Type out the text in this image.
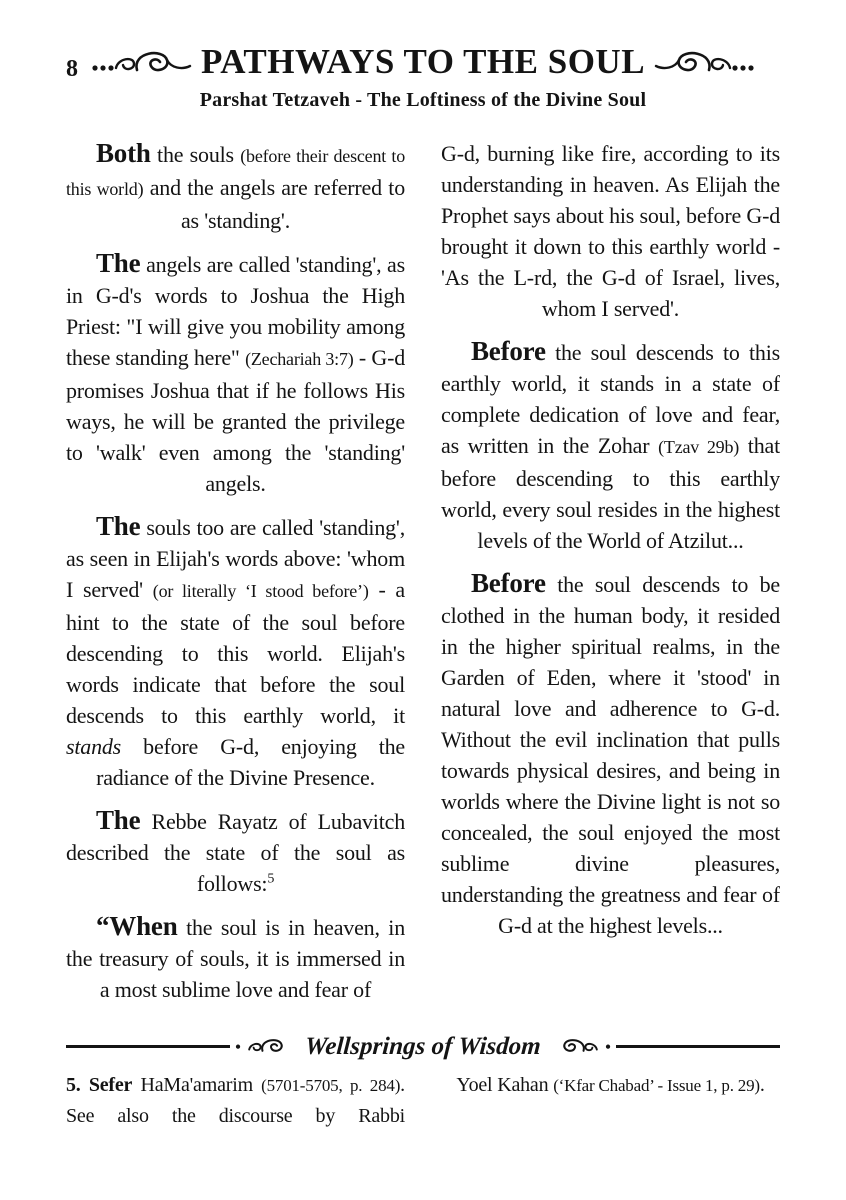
8	PATHWAYS TO THE SOUL
Parshat Tetzaveh - The Loftiness of the Divine Soul

Both the souls (before their descent to this world) and the angels are referred to as 'standing'.

The angels are called 'standing', as in G-d's words to Joshua the High Priest: "I will give you mobility among these standing here" (Zechariah 3:7) - G-d promises Joshua that if he follows His ways, he will be granted the privilege to 'walk' even among the 'standing' angels.

The souls too are called 'standing', as seen in Elijah's words above: 'whom I served' (or literally ‘I stood before’) - a hint to the state of the soul before descending to this world. Elijah's words indicate that before the soul descends to this earthly world, it stands before G-d, enjoying the radiance of the Divine Presence.

The Rebbe Rayatz of Lubavitch described the state of the soul as follows:$^5$

“When the soul is in heaven, in the treasury of souls, it is immersed in a most sublime love and fear of

G-d, burning like fire, according to its understanding in heaven. As Elijah the Prophet says about his soul, before G-d brought it down to this earthly world - 'As the L-rd, the G-d of Israel, lives, whom I served'.

Before the soul descends to this earthly world, it stands in a state of complete dedication of love and fear, as written in the Zohar (Tzav 29b) that before descending to this earthly world, every soul resides in the highest levels of the World of Atzilut...

Before the soul descends to be clothed in the human body, it resided in the higher spiritual realms, in the Garden of Eden, where it 'stood' in natural love and adherence to G-d. Without the evil inclination that pulls towards physical desires, and being in worlds where the Divine light is not so concealed, the soul enjoyed the most sublime divine pleasures, understanding the greatness and fear of G-d at the highest levels...

•	Wellsprings of Wisdom	•

5. Sefer HaMa'amarim (5701-5705, p. 284). See also the discourse by Rabbi

Yoel Kahan (‘Kfar Chabad’ - Issue 1, p. 29).
